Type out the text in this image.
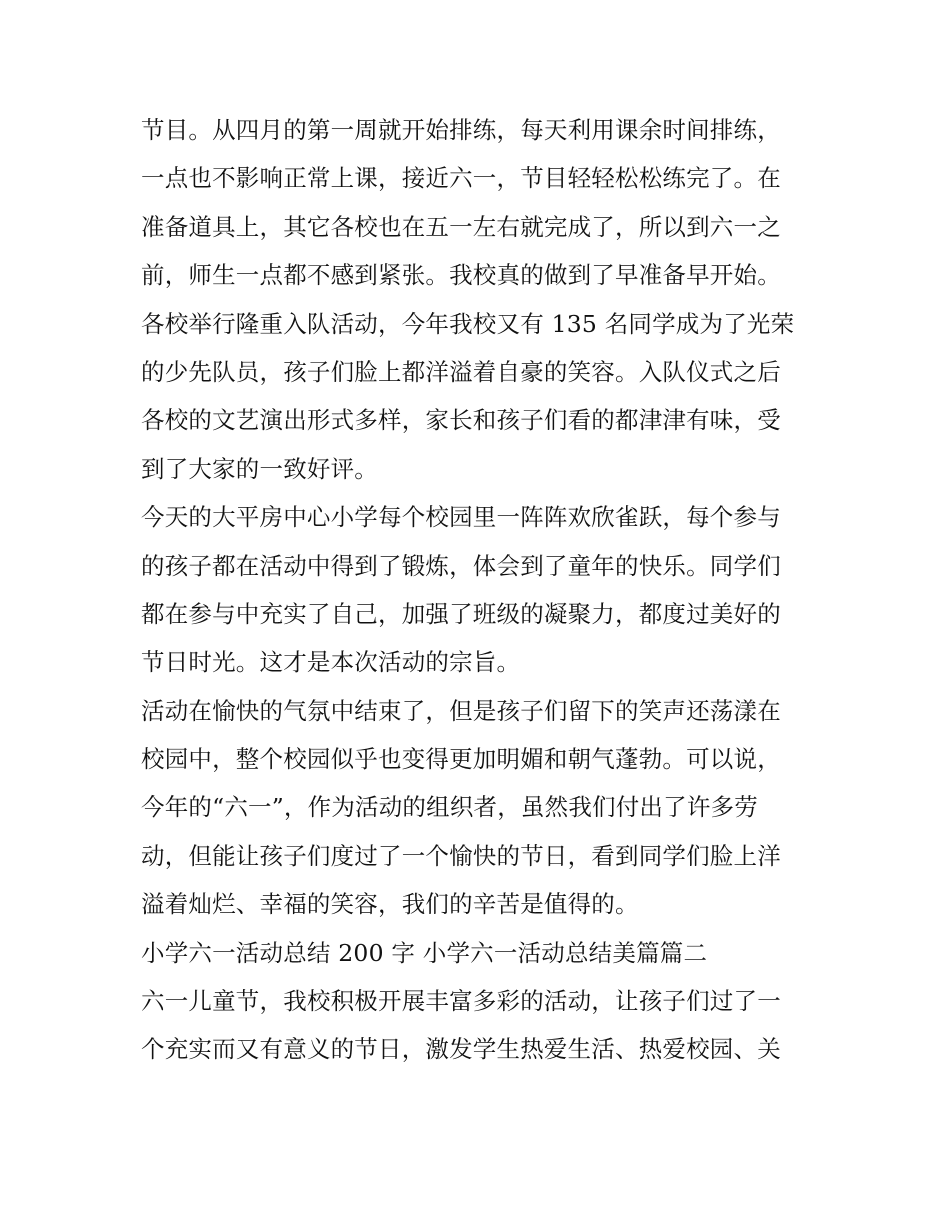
节目。从四月的第一周就开始排练，每天利用课余时间排练，
一点也不影响正常上课，接近六一，节目轻轻松松练完了。在
准备道具上，其它各校也在五一左右就完成了，所以到六一之
前，师生一点都不感到紧张。我校真的做到了早准备早开始。
各校举行隆重入队活动，今年我校又有 135 名同学成为了光荣
的少先队员，孩子们脸上都洋溢着自豪的笑容。入队仪式之后
各校的文艺演出形式多样，家长和孩子们看的都津津有味，受
到了大家的一致好评。
今天的大平房中心小学每个校园里一阵阵欢欣雀跃，每个参与
的孩子都在活动中得到了锻炼，体会到了童年的快乐。同学们
都在参与中充实了自己，加强了班级的凝聚力，都度过美好的
节日时光。这才是本次活动的宗旨。
活动在愉快的气氛中结束了，但是孩子们留下的笑声还荡漾在
校园中，整个校园似乎也变得更加明媚和朝气蓬勃。可以说，
今年的“六一”，作为活动的组织者，虽然我们付出了许多劳
动，但能让孩子们度过了一个愉快的节日，看到同学们脸上洋
溢着灿烂、幸福的笑容，我们的辛苦是值得的。
小学六一活动总结 200 字 小学六一活动总结美篇篇二
六一儿童节，我校积极开展丰富多彩的活动，让孩子们过了一
个充实而又有意义的节日，激发学生热爱生活、热爱校园、关
